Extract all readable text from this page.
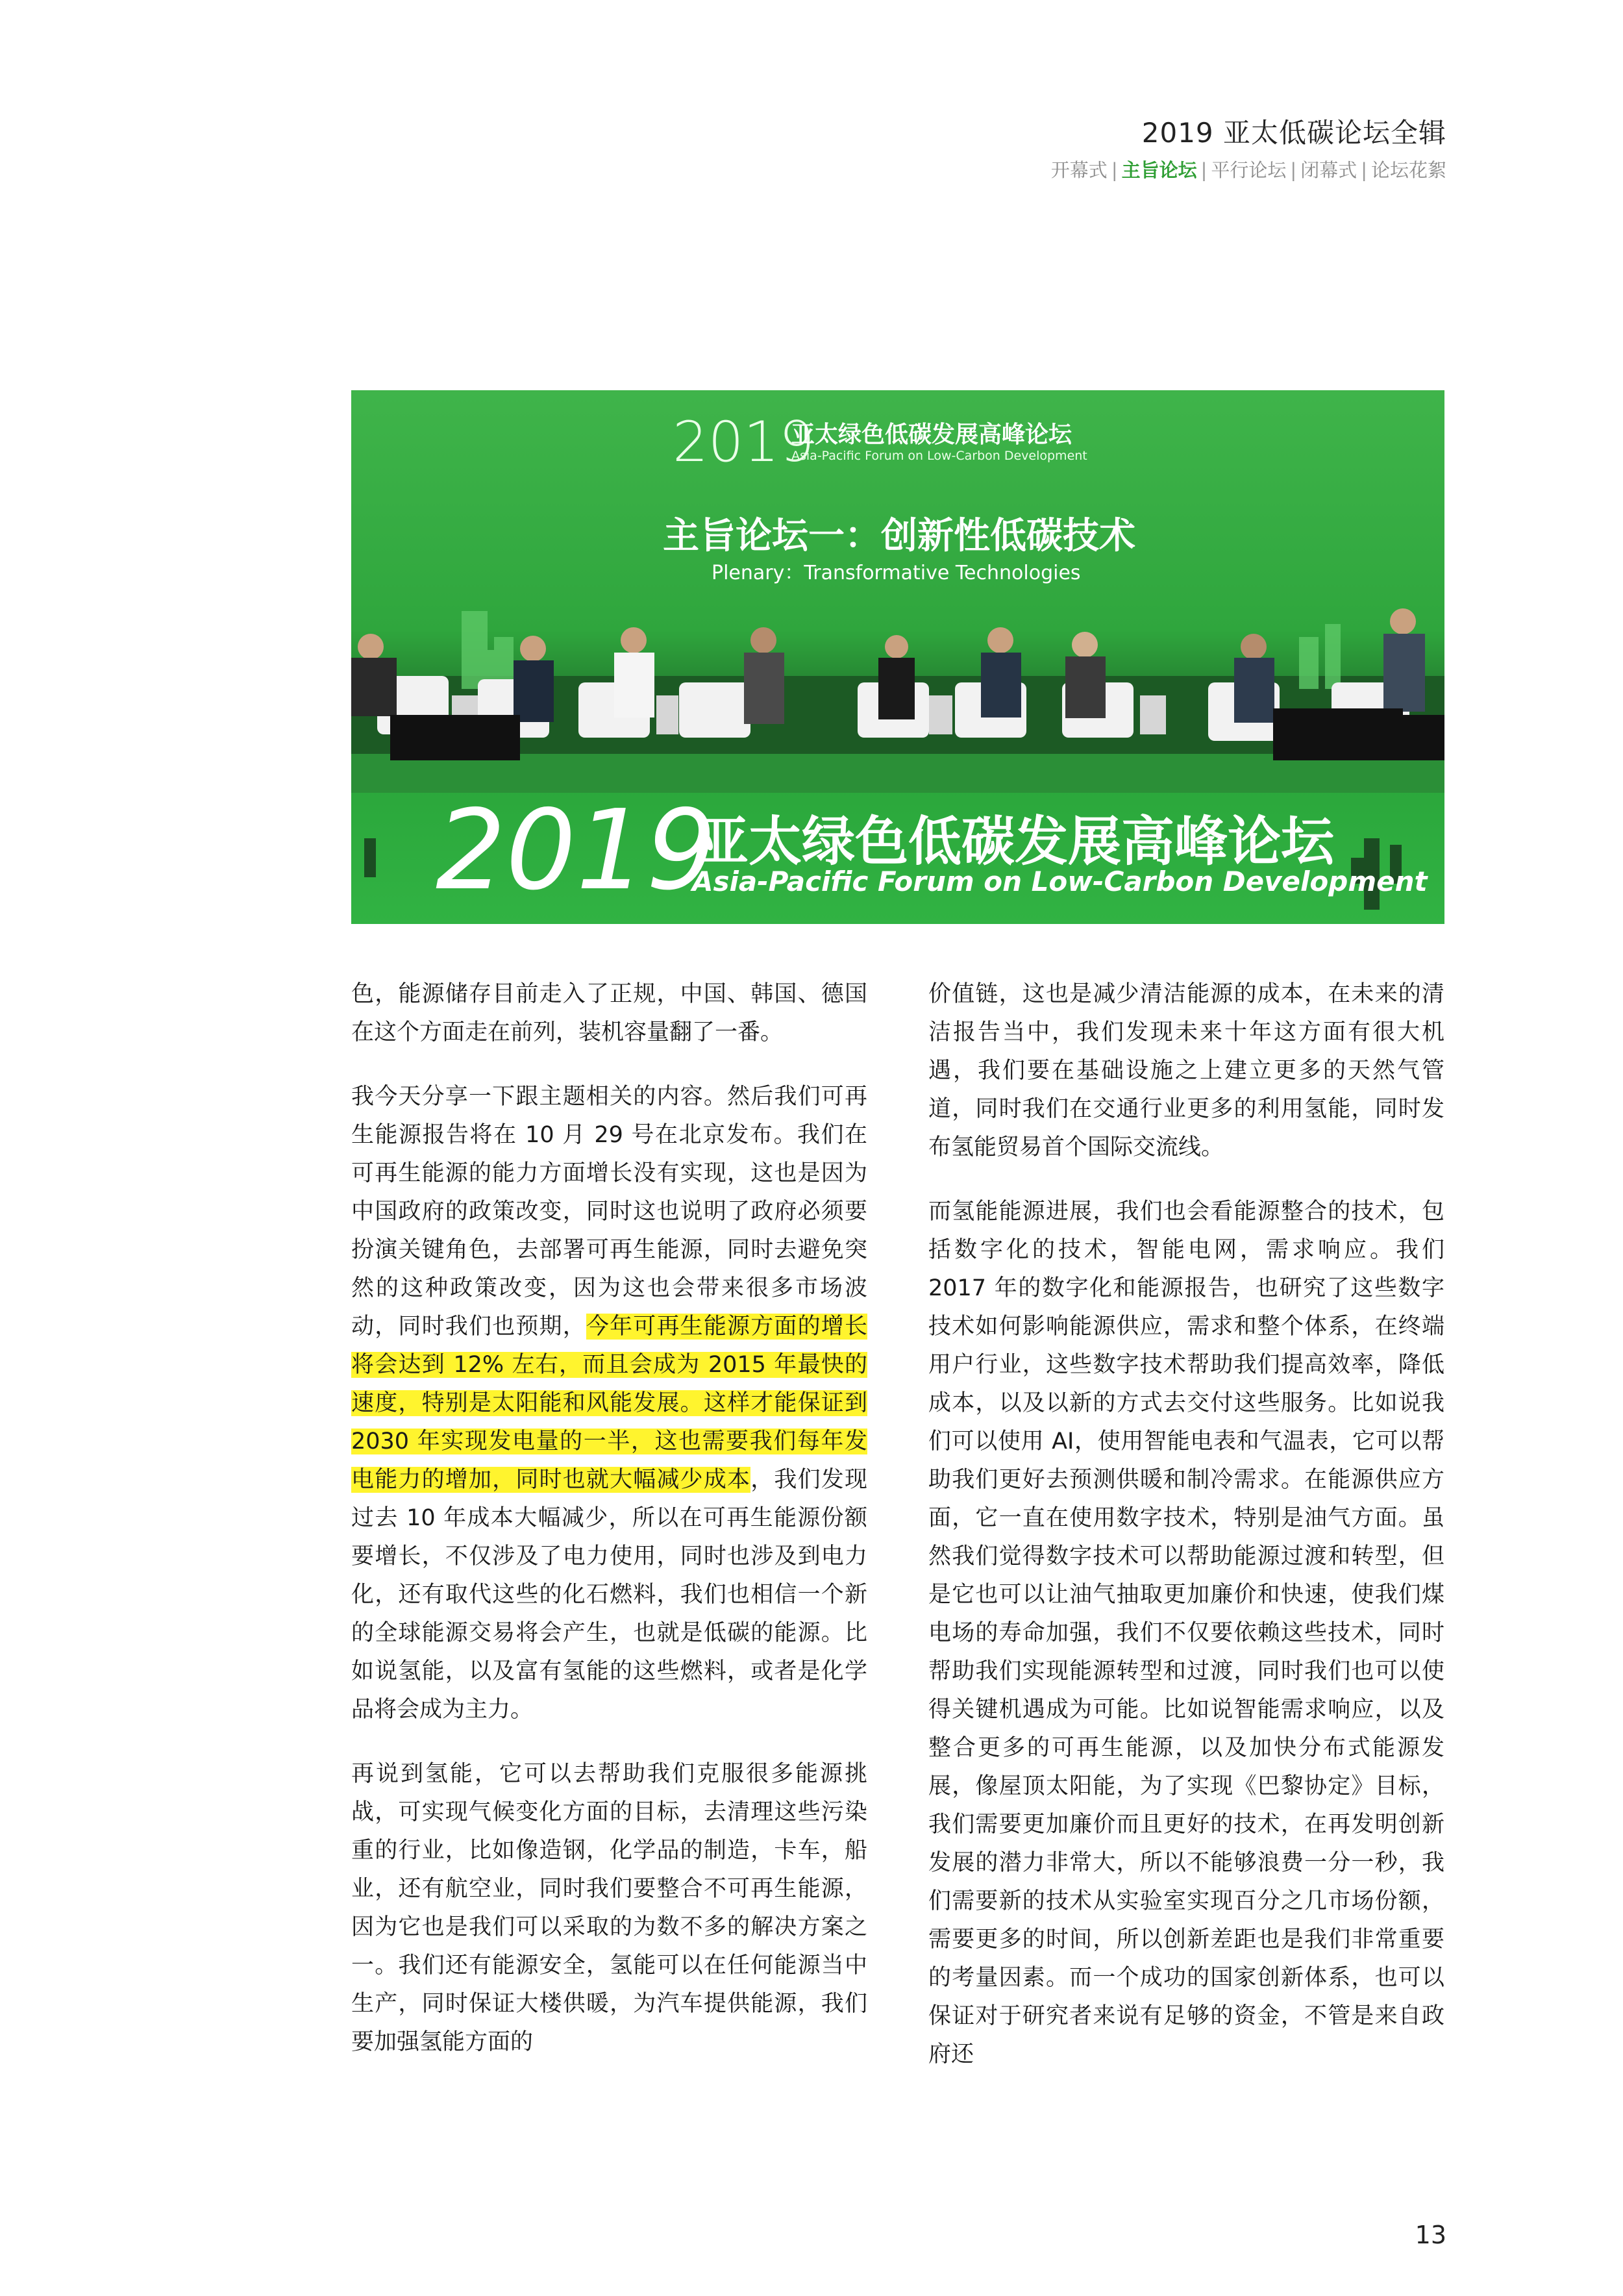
2019 亚太低碳论坛全辑
开幕式 | 主旨论坛 | 平行论坛 | 闭幕式 | 论坛花絮
2019
亚太绿色低碳发展高峰论坛
Asia-Pacific Forum on Low-Carbon Development
主旨论坛一：创新性低碳技术
Plenary：Transformative Technologies
2019
亚太绿色低碳发展高峰论坛
Asia-Pacific Forum on Low-Carbon Development

色，能源储存目前走入了正规，中国、韩国、德国在这个方面走在前列，装机容量翻了一番。

我今天分享一下跟主题相关的内容。然后我们可再生能源报告将在 10 月 29 号在北京发布。我们在可再生能源的能力方面增长没有实现，这也是因为中国政府的政策改变，同时这也说明了政府必须要扮演关键角色，去部署可再生能源，同时去避免突然的这种政策改变，因为这也会带来很多市场波动，同时我们也预期，今年可再生能源方面的增长将会达到 12% 左右，而且会成为 2015 年最快的速度，特别是太阳能和风能发展。这样才能保证到 2030 年实现发电量的一半，这也需要我们每年发电能力的增加，同时也就大幅减少成本，我们发现过去 10 年成本大幅减少，所以在可再生能源份额要增长，不仅涉及了电力使用，同时也涉及到电力化，还有取代这些的化石燃料，我们也相信一个新的全球能源交易将会产生，也就是低碳的能源。比如说氢能，以及富有氢能的这些燃料，或者是化学品将会成为主力。

再说到氢能，它可以去帮助我们克服很多能源挑战，可实现气候变化方面的目标，去清理这些污染重的行业，比如像造钢，化学品的制造，卡车，船业，还有航空业，同时我们要整合不可再生能源，因为它也是我们可以采取的为数不多的解决方案之一。我们还有能源安全，氢能可以在任何能源当中生产，同时保证大楼供暖，为汽车提供能源，我们要加强氢能方面的

价值链，这也是减少清洁能源的成本，在未来的清洁报告当中，我们发现未来十年这方面有很大机遇，我们要在基础设施之上建立更多的天然气管道，同时我们在交通行业更多的利用氢能，同时发布氢能贸易首个国际交流线。

而氢能能源进展，我们也会看能源整合的技术，包括数字化的技术，智能电网，需求响应。我们 2017 年的数字化和能源报告，也研究了这些数字技术如何影响能源供应，需求和整个体系，在终端用户行业，这些数字技术帮助我们提高效率，降低成本，以及以新的方式去交付这些服务。比如说我们可以使用 AI，使用智能电表和气温表，它可以帮助我们更好去预测供暖和制冷需求。在能源供应方面，它一直在使用数字技术，特别是油气方面。虽然我们觉得数字技术可以帮助能源过渡和转型，但是它也可以让油气抽取更加廉价和快速，使我们煤电场的寿命加强，我们不仅要依赖这些技术，同时帮助我们实现能源转型和过渡，同时我们也可以使得关键机遇成为可能。比如说智能需求响应，以及整合更多的可再生能源，以及加快分布式能源发展，像屋顶太阳能，为了实现《巴黎协定》目标，我们需要更加廉价而且更好的技术，在再发明创新发展的潜力非常大，所以不能够浪费一分一秒，我们需要新的技术从实验室实现百分之几市场份额，需要更多的时间，所以创新差距也是我们非常重要的考量因素。而一个成功的国家创新体系，也可以保证对于研究者来说有足够的资金，不管是来自政府还

13
